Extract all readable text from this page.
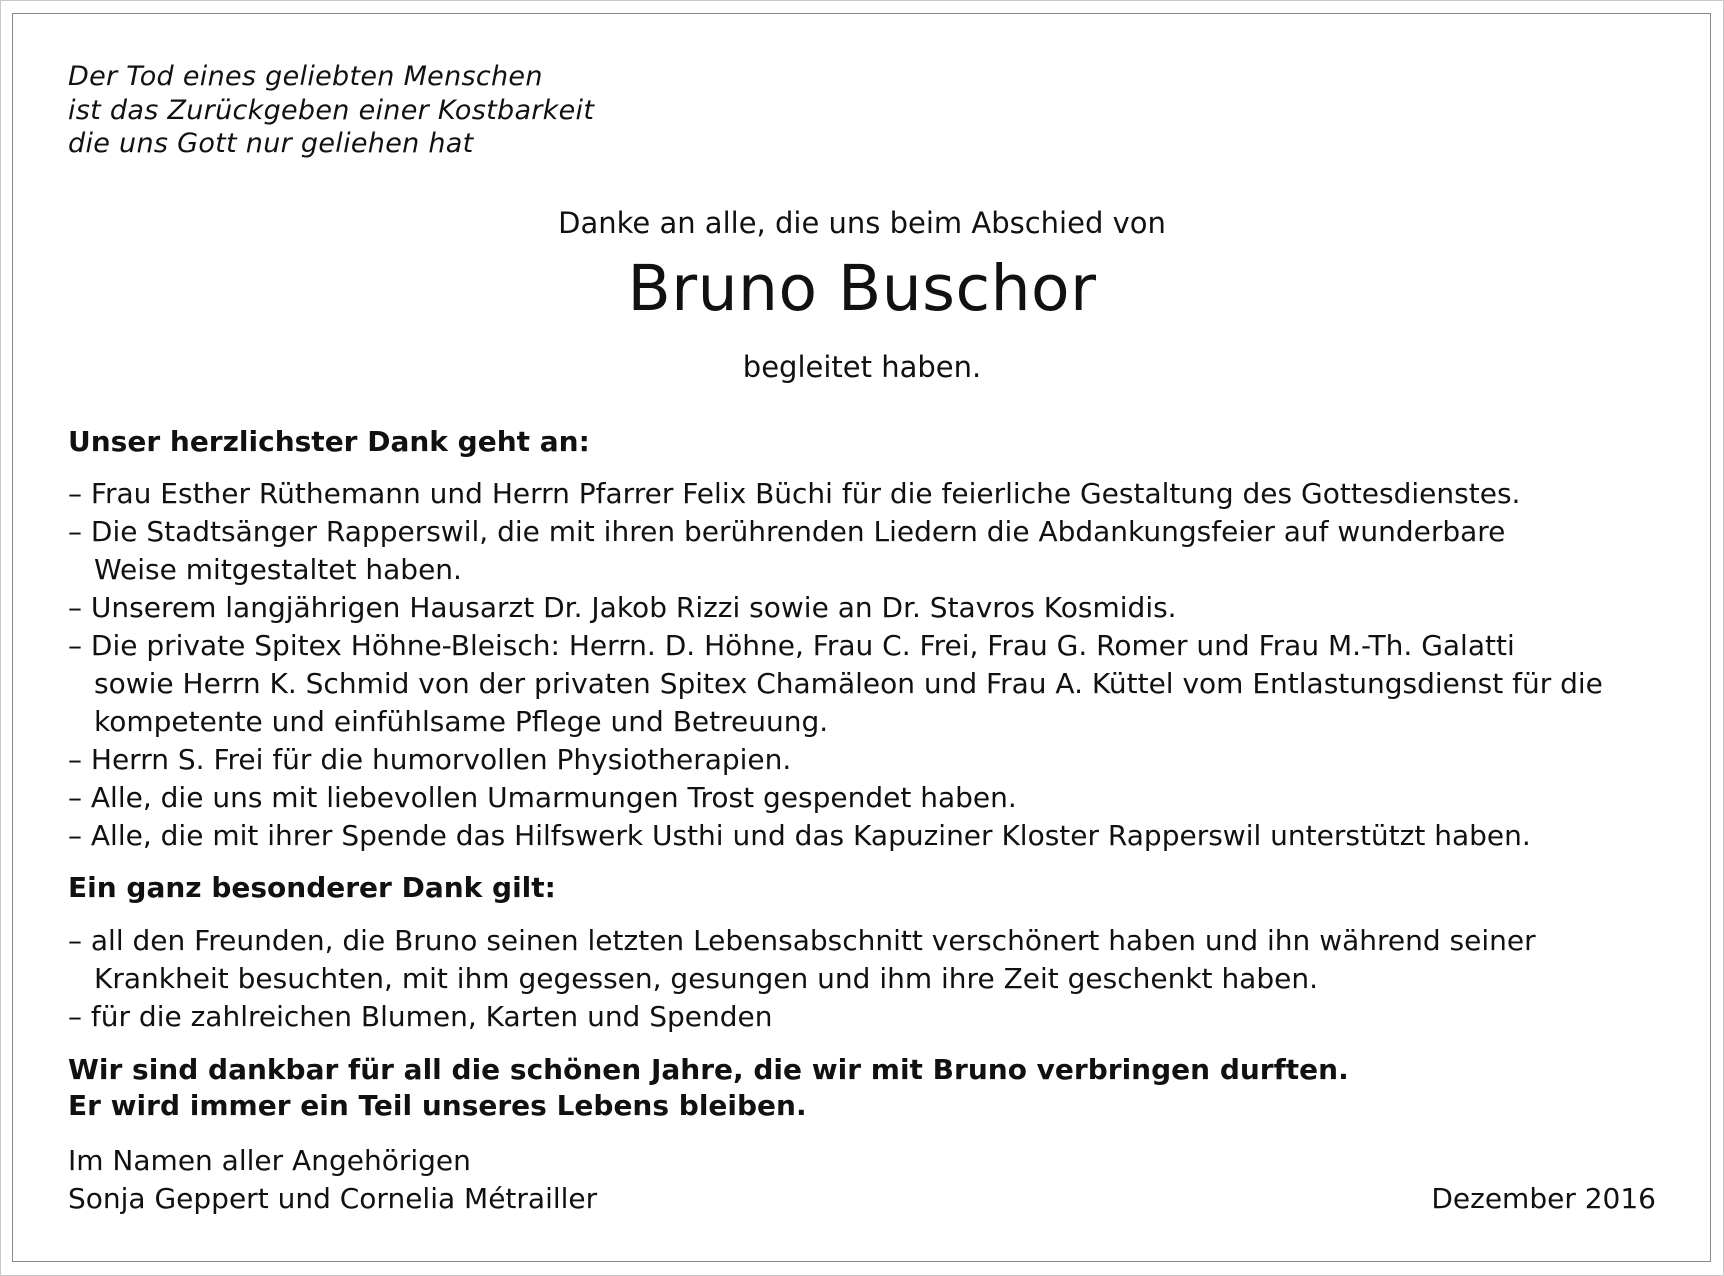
Der Tod eines geliebten Menschen
ist das Zurückgeben einer Kostbarkeit
die uns Gott nur geliehen hat
Danke an alle, die uns beim Abschied von
Bruno Buschor
begleitet haben.
Unser herzlichster Dank geht an:
– Frau Esther Rüthemann und Herrn Pfarrer Felix Büchi für die feierliche Gestaltung des Gottesdienstes.
– Die Stadtsänger Rapperswil, die mit ihren berührenden Liedern die Abdankungsfeier auf wunderbare
Weise mitgestaltet haben.
– Unserem langjährigen Hausarzt Dr. Jakob Rizzi sowie an Dr. Stavros Kosmidis.
– Die private Spitex Höhne-Bleisch: Herrn. D. Höhne, Frau C. Frei, Frau G. Romer und Frau M.-Th. Galatti
sowie Herrn K. Schmid von der privaten Spitex Chamäleon und Frau A. Küttel vom Entlastungsdienst für die
kompetente und einfühlsame Pflege und Betreuung.
– Herrn S. Frei für die humorvollen Physiotherapien.
– Alle, die uns mit liebevollen Umarmungen Trost gespendet haben.
– Alle, die mit ihrer Spende das Hilfswerk Usthi und das Kapuziner Kloster Rapperswil unterstützt haben.
Ein ganz besonderer Dank gilt:
– all den Freunden, die Bruno seinen letzten Lebensabschnitt verschönert haben und ihn während seiner
Krankheit besuchten, mit ihm gegessen, gesungen und ihm ihre Zeit geschenkt haben.
– für die zahlreichen Blumen, Karten und Spenden
Wir sind dankbar für all die schönen Jahre, die wir mit Bruno verbringen durften.
Er wird immer ein Teil unseres Lebens bleiben.
Im Namen aller Angehörigen
Sonja Geppert und Cornelia Métrailler	Dezember 2016
